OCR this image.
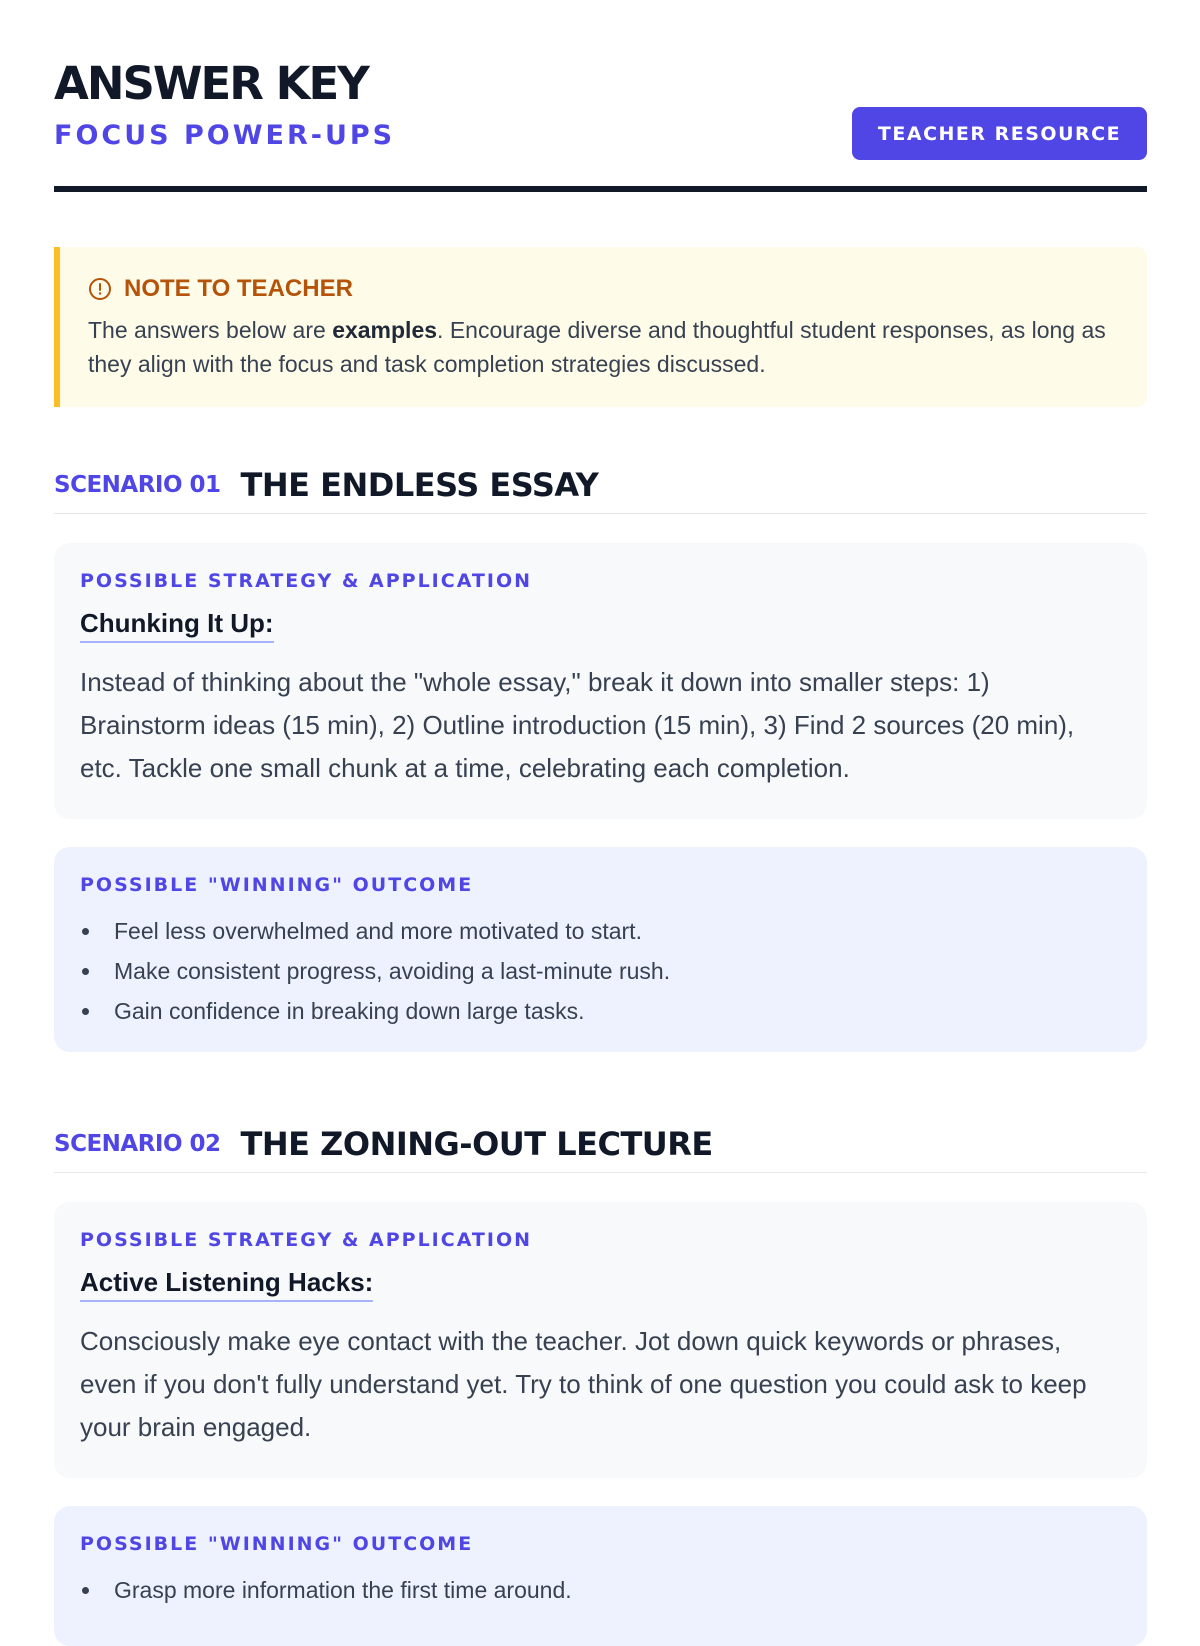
ANSWER KEY
FOCUS POWER-UPS	TEACHER RESOURCE
NOTE TO TEACHER
The answers below are examples. Encourage diverse and thoughtful student responses, as long as they align with the focus and task completion strategies discussed.
SCENARIO 01 THE ENDLESS ESSAY
POSSIBLE STRATEGY & APPLICATION
Chunking It Up:
Instead of thinking about the "whole essay," break it down into smaller steps: 1) Brainstorm ideas (15 min), 2) Outline introduction (15 min), 3) Find 2 sources (20 min), etc. Tackle one small chunk at a time, celebrating each completion.
POSSIBLE "WINNING" OUTCOME
Feel less overwhelmed and more motivated to start.
Make consistent progress, avoiding a last-minute rush.
Gain confidence in breaking down large tasks.
SCENARIO 02 THE ZONING-OUT LECTURE
POSSIBLE STRATEGY & APPLICATION
Active Listening Hacks:
Consciously make eye contact with the teacher. Jot down quick keywords or phrases, even if you don't fully understand yet. Try to think of one question you could ask to keep your brain engaged.
POSSIBLE "WINNING" OUTCOME
Grasp more information the first time around.
